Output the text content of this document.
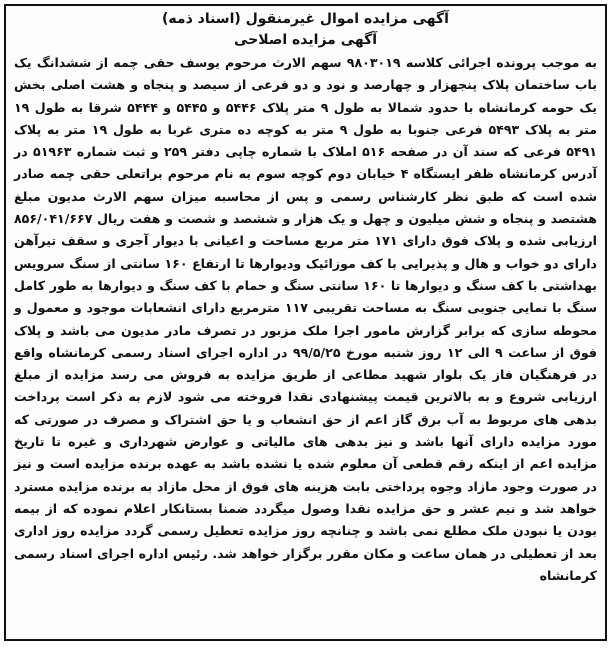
آگهی مزایده اموال غیرمنقول (اسناد ذمه)

آگهی مزایده اصلاحی

به موجب پرونده اجرائی کلاسه ۹۸۰۳۰۱۹ سهم الارث مرحوم یوسف حقی چمه از ششدانگ یک باب ساختمان پلاک پنجهزار و چهارصد و نود و دو فرعی از سیصد و پنجاه و هشت اصلی بخش یک حومه کرمانشاه با حدود شمالا به طول ۹ متر پلاک ۵۴۴۶ و ۵۴۴۵ و ۵۴۴۴ شرقا به طول ۱۹ متر به پلاک ۵۴۹۳ فرعی جنوبا به طول ۹ متر به کوچه ده متری غربا به طول ۱۹ متر به پلاک ۵۴۹۱ فرعی که سند آن در صفحه ۵۱۶ املاک با شماره چاپی دفتر ۲۵۹ و ثبت شماره ۵۱۹۶۳ در آدرس کرمانشاه ظفر ایستگاه ۴ خیابان دوم کوچه سوم به نام مرحوم براتعلی حقی چمه صادر شده است که طبق نظر کارشناس رسمی و پس از محاسبه میزان سهم الارث مدیون مبلغ هشتصد و پنجاه و شش میلیون و چهل و یک هزار و ششصد و شصت و هفت ریال ۸۵۶/۰۴۱/۶۶۷ ارزیابی شده و پلاک فوق دارای ۱۷۱ متر مربع مساحت و اعیانی با دیوار آجری و سقف تیرآهن دارای دو خواب و هال و پذیرایی با کف موزائیک ودیوارها تا ارتفاع ۱۶۰ سانتی از سنگ سرویس بهداشتی با کف سنگ و دیوارها تا ۱۶۰ سانتی سنگ و حمام با کف سنگ و دیوارها به طور کامل سنگ با نمایی جنوبی سنگ به مساحت تقریبی ۱۱۷ مترمربع دارای انشعابات موجود و معمول و محوطه سازی که برابر گزارش مامور اجرا ملک مزبور در تصرف مادر مدیون می باشد و پلاک فوق از ساعت ۹ الی ۱۲ روز شنبه مورخ ۹۹/۵/۲۵ در اداره اجرای اسناد رسمی کرمانشاه واقع در فرهنگیان فاز یک بلوار شهید مطاعی از طریق مزایده به فروش می رسد مزایده از مبلغ ارزیابی شروع و به بالاترین قیمت پیشنهادی نقدا فروخته می شود لازم به ذکر است پرداخت بدهی های مربوط به آب برق گاز اعم از حق انشعاب و یا حق اشتراک و مصرف در صورتی که مورد مزایده دارای آنها باشد و نیز بدهی های مالیاتی و عوارض شهرداری و غیره تا تاریخ مزایده اعم از اینکه رقم قطعی آن معلوم شده یا نشده باشد به عهده برنده مزایده است و نیز در صورت وجود مازاد وجوه پرداختی بابت هزینه های فوق از محل مازاد به برنده مزایده مسترد خواهد شد و نیم عشر و حق مزایده نقدا وصول میگردد ضمنا بستانکار اعلام نموده که از بیمه بودن یا نبودن ملک مطلع نمی باشد و چنانچه روز مزایده تعطیل رسمی گردد مزایده روز اداری بعد از تعطیلی در همان ساعت و مکان مقرر برگزار خواهد شد. رئیس اداره اجرای اسناد رسمی کرمانشاه
